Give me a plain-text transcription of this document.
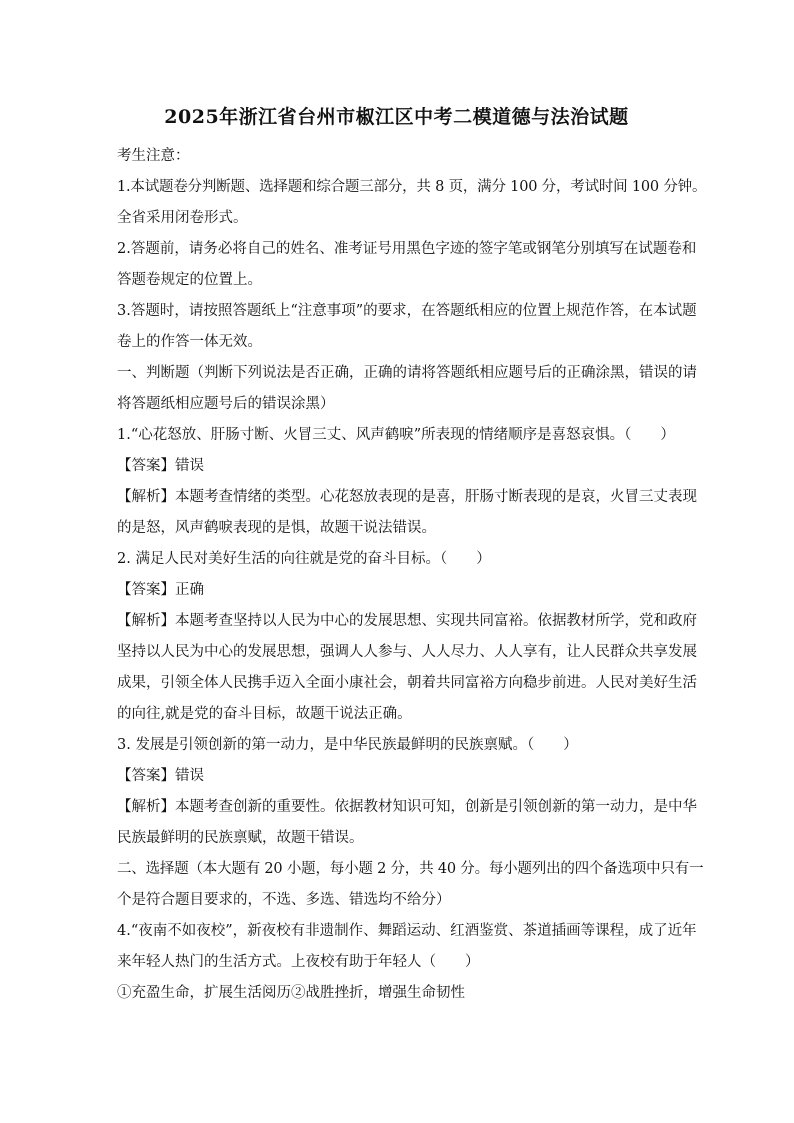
2025年浙江省台州市椒江区中考二模道德与法治试题

考生注意：

1.本试题卷分判断题、选择题和综合题三部分，共 8 页，满分 100 分，考试时间 100 分钟。

全省采用闭卷形式。

2.答题前，请务必将自己的姓名、准考证号用黑色字迹的签字笔或钢笔分别填写在试题卷和

答题卷规定的位置上。

3.答题时，请按照答题纸上“注意事项”的要求，在答题纸相应的位置上规范作答，在本试题

卷上的作答一体无效。

一、判断题（判断下列说法是否正确，正确的请将答题纸相应题号后的正确涂黑，错误的请

将答题纸相应题号后的错误涂黑）

1.“心花怒放、肝肠寸断、火冒三丈、风声鹤唳”所表现的情绪顺序是喜怒哀惧。（　　）

【答案】错误

【解析】本题考查情绪的类型。心花怒放表现的是喜，肝肠寸断表现的是哀，火冒三丈表现

的是怒，风声鹤唳表现的是惧，故题干说法错误。

2. 满足人民对美好生活的向往就是党的奋斗目标。（　　）

【答案】正确

【解析】本题考查坚持以人民为中心的发展思想、实现共同富裕。依据教材所学，党和政府

坚持以人民为中心的发展思想，强调人人参与、人人尽力、人人享有，让人民群众共享发展

成果，引领全体人民携手迈入全面小康社会，朝着共同富裕方向稳步前进。人民对美好生活

的向往,就是党的奋斗目标，故题干说法正确。

3. 发展是引领创新的第一动力，是中华民族最鲜明的民族禀赋。（　　）

【答案】错误

【解析】本题考查创新的重要性。依据教材知识可知，创新是引领创新的第一动力，是中华

民族最鲜明的民族禀赋，故题干错误。

二、选择题（本大题有 20 小题，每小题 2 分，共 40 分。每小题列出的四个备选项中只有一

个是符合题目要求的，不选、多选、错选均不给分）

4.“夜南不如夜校”，新夜校有非遗制作、舞蹈运动、红酒鉴赏、茶道插画等课程，成了近年

来年轻人热门的生活方式。上夜校有助于年轻人（　　）

①充盈生命，扩展生活阅历②战胜挫折，增强生命韧性
